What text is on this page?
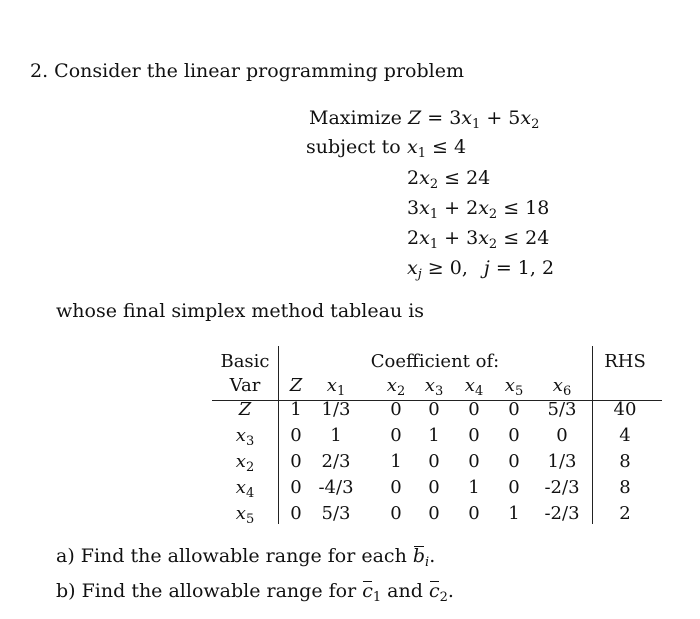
2. Consider the linear programming problem
Maximize $Z = 3x_1 + 5x_2$
subject to $x_1 \le 4$
$2x_2 \le 24$
$3x_1 + 2x_2 \le 18$
$2x_1 + 3x_2 \le 24$
$x_j \ge 0$, j = 1, 2
whose final simplex method tableau is
Basic	Coefficient of:	RHS
Var Z $x_1$ $x_2$ $x_3$ $x_4$ $x_5$ $x_6$
Z 1 1/3 0 0 0 0 5/3 40
$x_3$ 0 1	0 1 0 0 0	4
$x_2$ 0 2/3 1 0 0 0 1/3 8
$x_4$ 0 -4/3 0 0 1 0 -2/3 8
$x_5$ 0 5/3 0 0 0 1 -2/3 2
a) Find the allowable range for each $b_i$.
b) Find the allowable range for $c_1$ and $c_2$.
